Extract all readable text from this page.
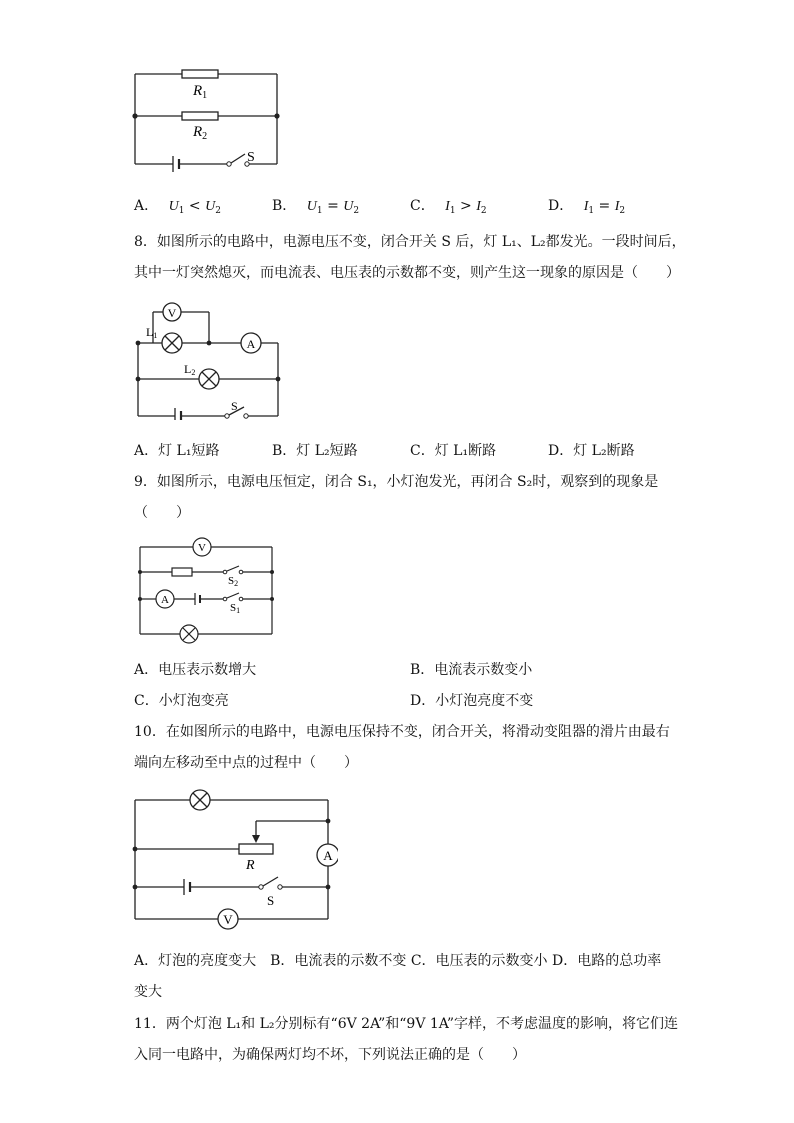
$R_1$
$R_2$
S
A． $U_1 < U_2$	B． $U_1 = U_2$	C． $I_1 > I_2$	D． $I_1 = I_2$
8．如图所示的电路中，电源电压不变，闭合开关 S 后，灯 L₁、L₂都发光。一段时间后，
其中一灯突然熄灭，而电流表、电压表的示数都不变，则产生这一现象的原因是（　　）
V
A
L1
L2
S
A．灯 L₁短路	B．灯 L₂短路	C．灯 L₁断路	D．灯 L₂断路
9．如图所示，电源电压恒定，闭合 S₁，小灯泡发光，再闭合 S₂时，观察到的现象是
（　　）
V
A
S2
S1
A．电压表示数增大	B．电流表示数变小
C．小灯泡变亮	D．小灯泡亮度不变
10．在如图所示的电路中，电源电压保持不变，闭合开关，将滑动变阻器的滑片由最右
端向左移动至中点的过程中（　　）
A
V
R
S
A．灯泡的亮度变大　B．电流表的示数不变 C．电压表的示数变小 D．电路的总功率
变大
11．两个灯泡 L₁和 L₂分别标有“6V 2A”和“9V 1A”字样，不考虑温度的影响，将它们连
入同一电路中，为确保两灯均不坏，下列说法正确的是（　　）
